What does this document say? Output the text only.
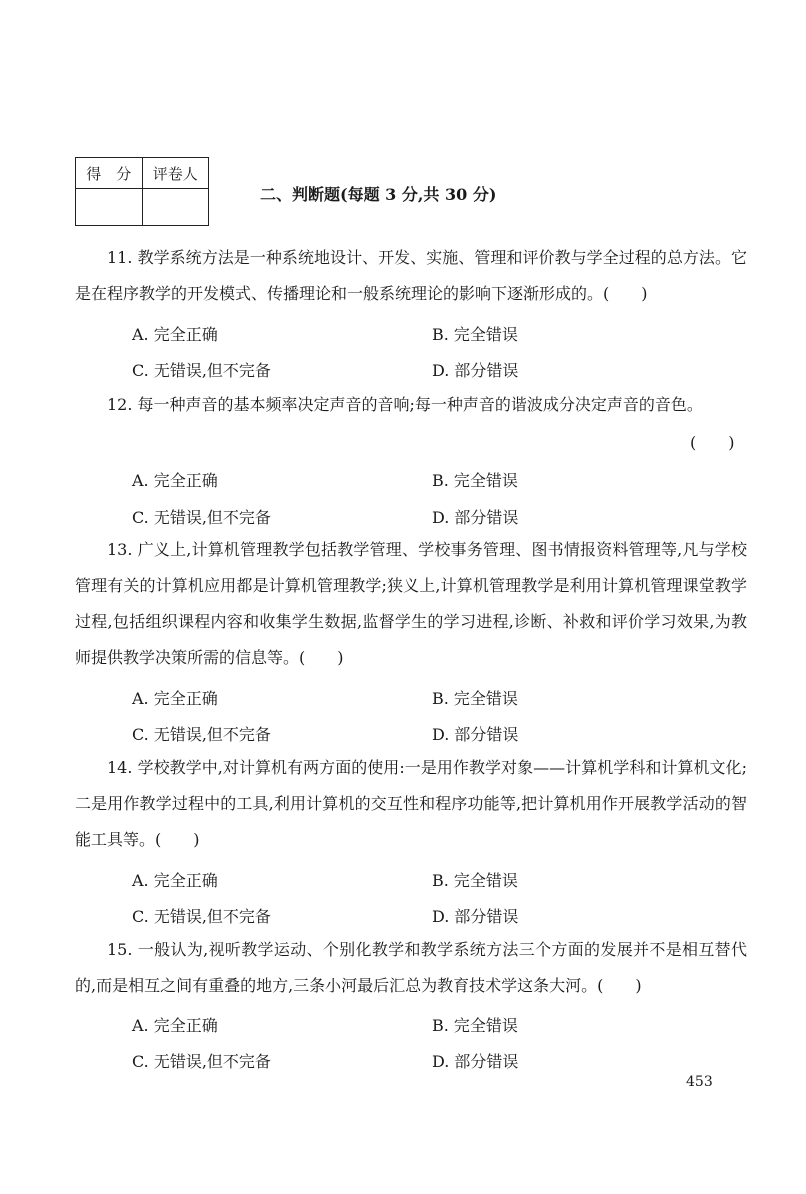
得　分	评卷人

二、判断题(每题 3 分,共 30 分)
11. 教学系统方法是一种系统地设计、开发、实施、管理和评价教与学全过程的总方法。它是在程序教学的开发模式、传播理论和一般系统理论的影响下逐渐形成的。(　　)
A. 完全正确	B. 完全错误
C. 无错误,但不完备	D. 部分错误
12. 每一种声音的基本频率决定声音的音响;每一种声音的谐波成分决定声音的音色。
(　　)
A. 完全正确	B. 完全错误
C. 无错误,但不完备	D. 部分错误
13. 广义上,计算机管理教学包括教学管理、学校事务管理、图书情报资料管理等,凡与学校管理有关的计算机应用都是计算机管理教学;狭义上,计算机管理教学是利用计算机管理课堂教学过程,包括组织课程内容和收集学生数据,监督学生的学习进程,诊断、补救和评价学习效果,为教师提供教学决策所需的信息等。(　　)
A. 完全正确	B. 完全错误
C. 无错误,但不完备	D. 部分错误
14. 学校教学中,对计算机有两方面的使用:一是用作教学对象——计算机学科和计算机文化;二是用作教学过程中的工具,利用计算机的交互性和程序功能等,把计算机用作开展教学活动的智能工具等。(　　)
A. 完全正确	B. 完全错误
C. 无错误,但不完备	D. 部分错误
15. 一般认为,视听教学运动、个别化教学和教学系统方法三个方面的发展并不是相互替代的,而是相互之间有重叠的地方,三条小河最后汇总为教育技术学这条大河。(　　)
A. 完全正确	B. 完全错误
C. 无错误,但不完备	D. 部分错误
453
